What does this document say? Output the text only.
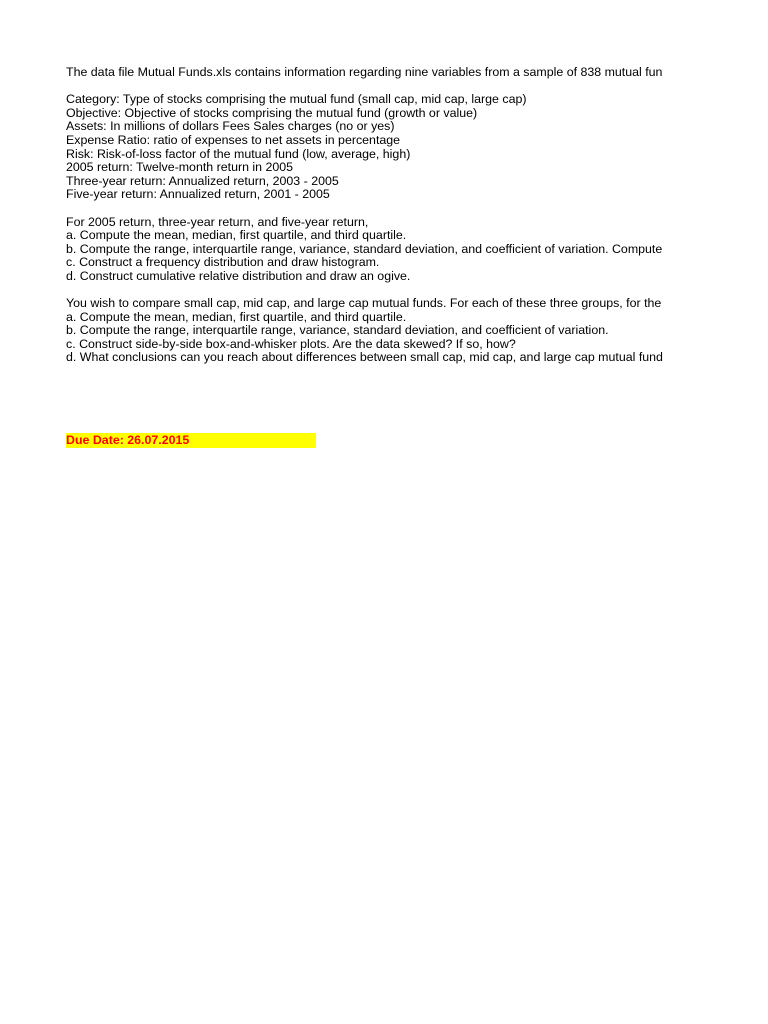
The data file Mutual Funds.xls contains information regarding nine variables from a sample of 838 mutual fun
Category: Type of stocks comprising the mutual fund (small cap, mid cap, large cap)
Objective: Objective of stocks comprising the mutual fund (growth or value)
Assets: In millions of dollars Fees Sales charges (no or yes)
Expense Ratio: ratio of expenses to net assets in percentage
Risk: Risk-of-loss factor of the mutual fund (low, average, high)
2005 return: Twelve-month return in 2005
Three-year return: Annualized return, 2003 - 2005
Five-year return: Annualized return, 2001 - 2005
For 2005 return, three-year return, and five-year return,
a. Compute the mean, median, first quartile, and third quartile.
b. Compute the range, interquartile range, variance, standard deviation, and coefficient of variation. Compute
c. Construct a frequency distribution and draw histogram.
d. Construct cumulative relative distribution and draw an ogive.
You wish to compare small cap, mid cap, and large cap mutual funds. For each of these three groups, for the
a. Compute the mean, median, first quartile, and third quartile.
b. Compute the range, interquartile range, variance, standard deviation, and coefficient of variation.
c. Construct side-by-side box-and-whisker plots. Are the data skewed? If so, how?
d. What conclusions can you reach about differences between small cap, mid cap, and large cap mutual fund
Due Date: 26.07.2015
